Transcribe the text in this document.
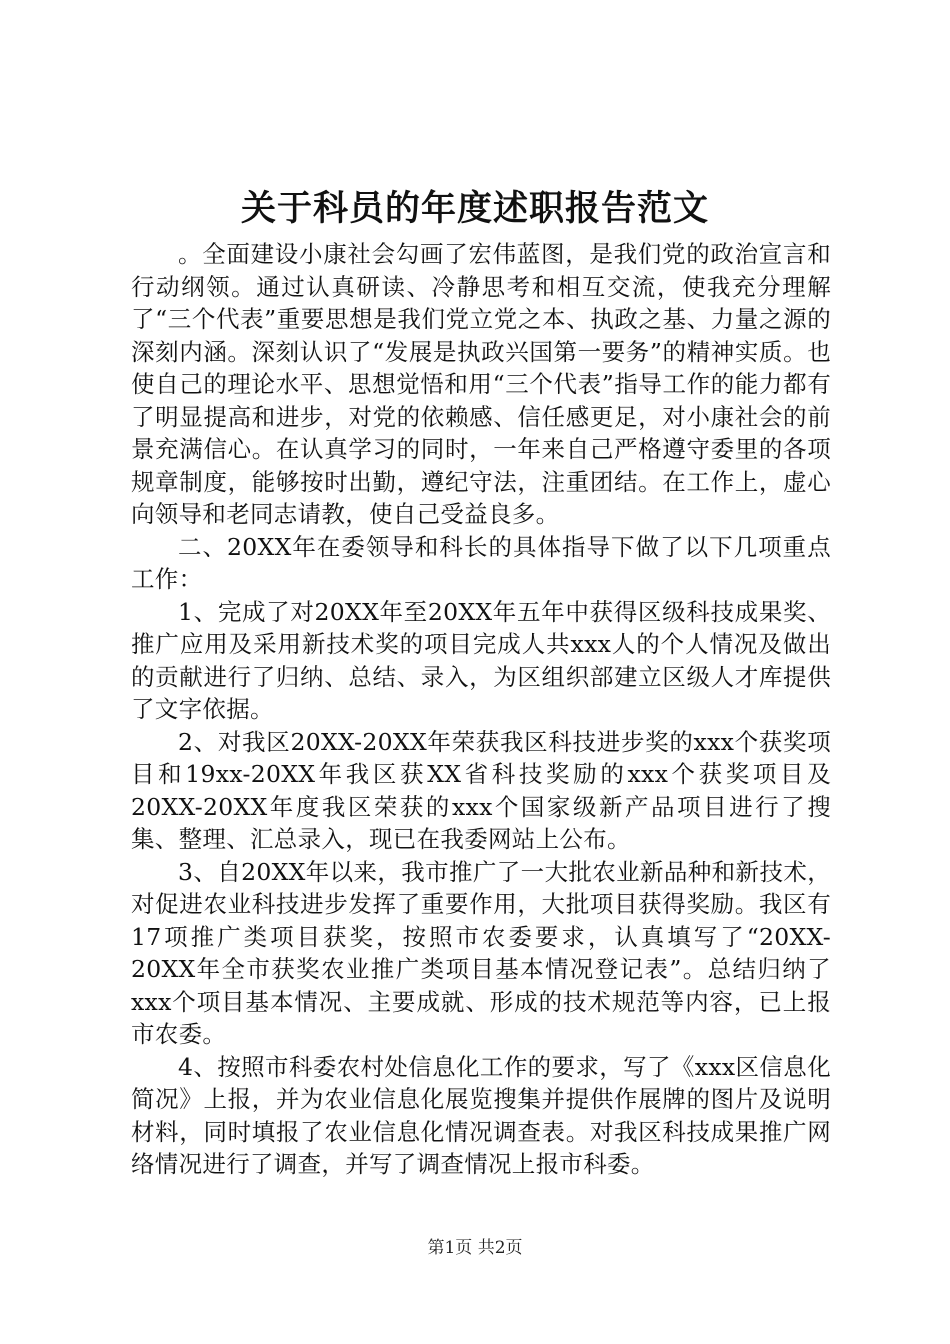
关于科员的年度述职报告范文

。全面建设小康社会勾画了宏伟蓝图，是我们党的政治宣言和行动纲领。通过认真研读、冷静思考和相互交流，使我充分理解了“三个代表”重要思想是我们党立党之本、执政之基、力量之源的深刻内涵。深刻认识了“发展是执政兴国第一要务”的精神实质。也使自己的理论水平、思想觉悟和用“三个代表”指导工作的能力都有了明显提高和进步，对党的依赖感、信任感更足，对小康社会的前景充满信心。在认真学习的同时，一年来自己严格遵守委里的各项规章制度，能够按时出勤，遵纪守法，注重团结。在工作上，虚心向领导和老同志请教，使自己受益良多。

二、20XX年在委领导和科长的具体指导下做了以下几项重点工作：

1、完成了对20XX年至20XX年五年中获得区级科技成果奖、推广应用及采用新技术奖的项目完成人共xxx人的个人情况及做出的贡献进行了归纳、总结、录入，为区组织部建立区级人才库提供了文字依据。

2、对我区20XX-20XX年荣获我区科技进步奖的xxx个获奖项目和19xx-20XX年我区获XX省科技奖励的xxx个获奖项目及20XX-20XX年度我区荣获的xxx个国家级新产品项目进行了搜集、整理、汇总录入，现已在我委网站上公布。

3、自20XX年以来，我市推广了一大批农业新品种和新技术，对促进农业科技进步发挥了重要作用，大批项目获得奖励。我区有17项推广类项目获奖，按照市农委要求，认真填写了“20XX-20XX年全市获奖农业推广类项目基本情况登记表”。总结归纳了xxx个项目基本情况、主要成就、形成的技术规范等内容，已上报市农委。

4、按照市科委农村处信息化工作的要求，写了《xxx区信息化简况》上报，并为农业信息化展览搜集并提供作展牌的图片及说明材料，同时填报了农业信息化情况调查表。对我区科技成果推广网络情况进行了调查，并写了调查情况上报市科委。

第1页 共2页
